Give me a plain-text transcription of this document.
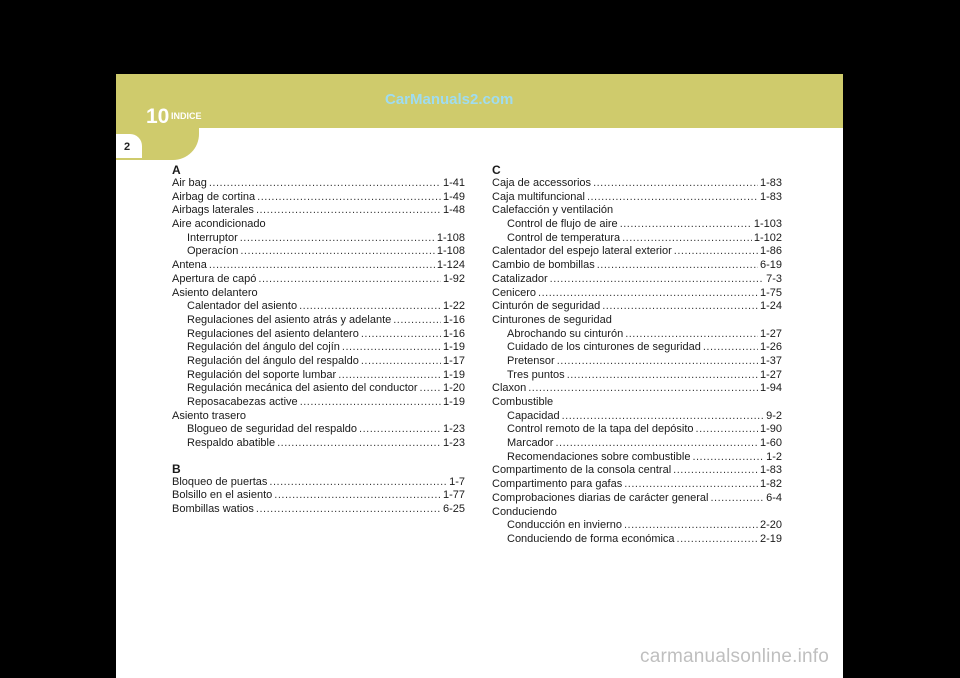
10 INDICE
2
CarManuals2.com
carmanualsonline.info
A
Air bag .....	1-41
Airbag de cortina .....	1-49
Airbags laterales .....	1-48
Aire acondicionado
Interruptor .....	1-108
Operacíon .....	1-108
Antena .....	1-124
Apertura de capó .....	1-92
Asiento delantero
Calentador del asiento .....	1-22
Regulaciones del asiento atrás y adelante .....	1-16
Regulaciones del asiento delantero .....	1-16
Regulación del ángulo del cojín .....	1-19
Regulación del ángulo del respaldo .....	1-17
Regulación del soporte lumbar .....	1-19
Regulación mecánica del asiento del conductor ..... 1-20
Reposacabezas active .....	1-19
Asiento trasero
Blogueo de seguridad del respaldo .....	1-23
Respaldo abatible .....	1-23
B
Bloqueo de puertas .....	1-7
Bolsillo en el asiento .....	1-77
Bombillas watios .....	6-25
C
Caja de accessorios .....	1-83
Caja multifuncional .....	1-83
Calefacción y ventilación
Control de flujo de aire .....	1-103
Control de temperatura .....	1-102
Calentador del espejo lateral exterior .....	1-86
Cambio de bombillas .....	6-19
Catalizador .....	7-3
Cenicero .....	1-75
Cinturón de seguridad .....	1-24
Cinturones de seguridad
Abrochando su cinturón .....	1-27
Cuidado de los cinturones de seguridad .....	1-26
Pretensor .....	1-37
Tres puntos .....	1-27
Claxon .....	1-94
Combustible
Capacidad .....	9-2
Control remoto de la tapa del depósito .....	1-90
Marcador .....	1-60
Recomendaciones sobre combustible .....	1-2
Compartimento de la consola central .....	1-83
Compartimento para gafas .....	1-82
Comprobaciones diarias de carácter general .....	6-4
Conduciendo
Conducción en invierno .....	2-20
Conduciendo de forma económica .....	2-19
